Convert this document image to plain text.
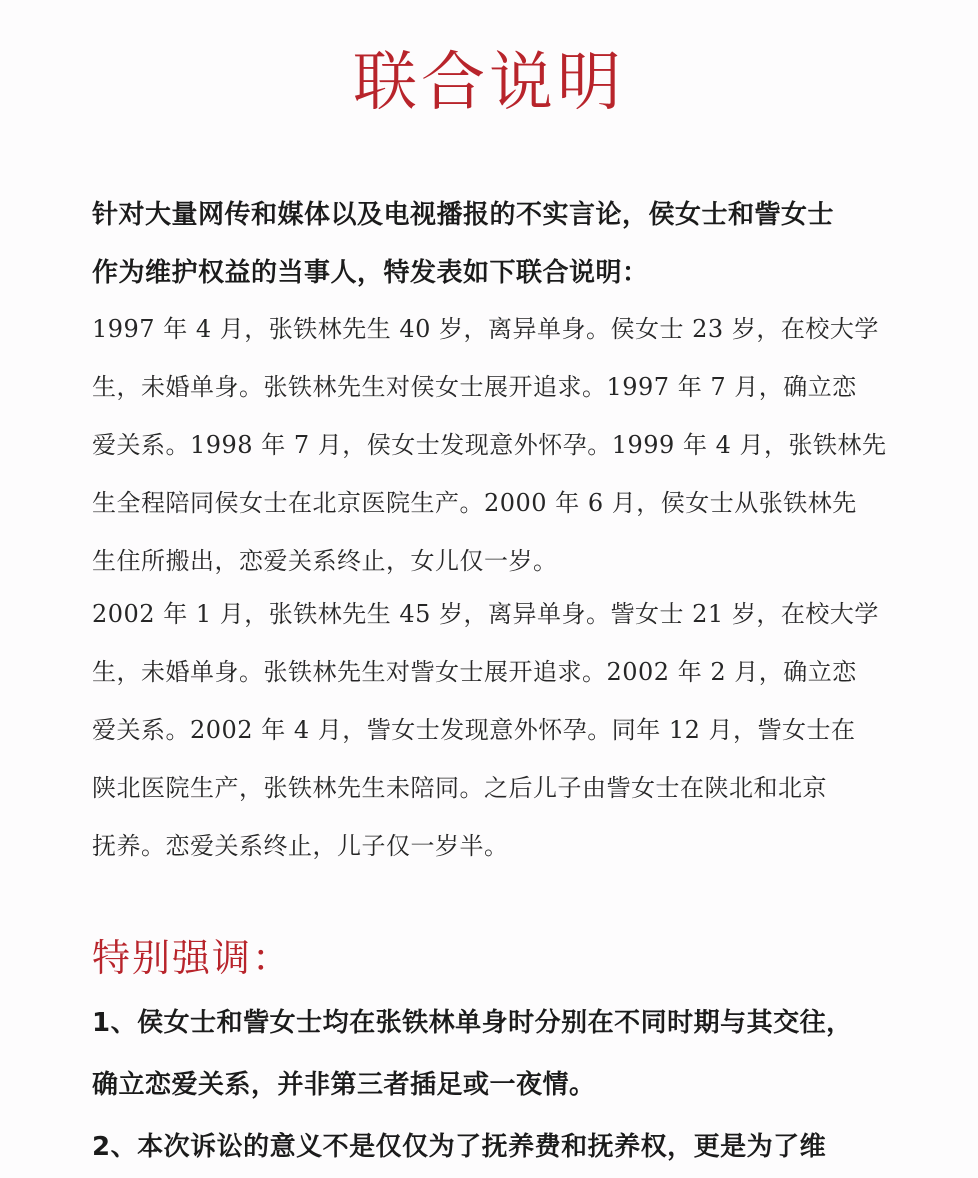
联合说明
针对大量网传和媒体以及电视播报的不实言论，侯女士和訾女士
作为维护权益的当事人，特发表如下联合说明：
1997 年 4 月，张铁林先生 40 岁，离异单身。侯女士 23 岁，在校大学
生，未婚单身。张铁林先生对侯女士展开追求。1997 年 7 月，确立恋
爱关系。1998 年 7 月，侯女士发现意外怀孕。1999 年 4 月，张铁林先
生全程陪同侯女士在北京医院生产。2000 年 6 月，侯女士从张铁林先
生住所搬出，恋爱关系终止，女儿仅一岁。
2002 年 1 月，张铁林先生 45 岁，离异单身。訾女士 21 岁，在校大学
生，未婚单身。张铁林先生对訾女士展开追求。2002 年 2 月，确立恋
爱关系。2002 年 4 月，訾女士发现意外怀孕。同年 12 月，訾女士在
陕北医院生产，张铁林先生未陪同。之后儿子由訾女士在陕北和北京
抚养。恋爱关系终止，儿子仅一岁半。
特别强调：
1、侯女士和訾女士均在张铁林单身时分别在不同时期与其交往，
确立恋爱关系，并非第三者插足或一夜情。
2、本次诉讼的意义不是仅仅为了抚养费和抚养权，更是为了维
